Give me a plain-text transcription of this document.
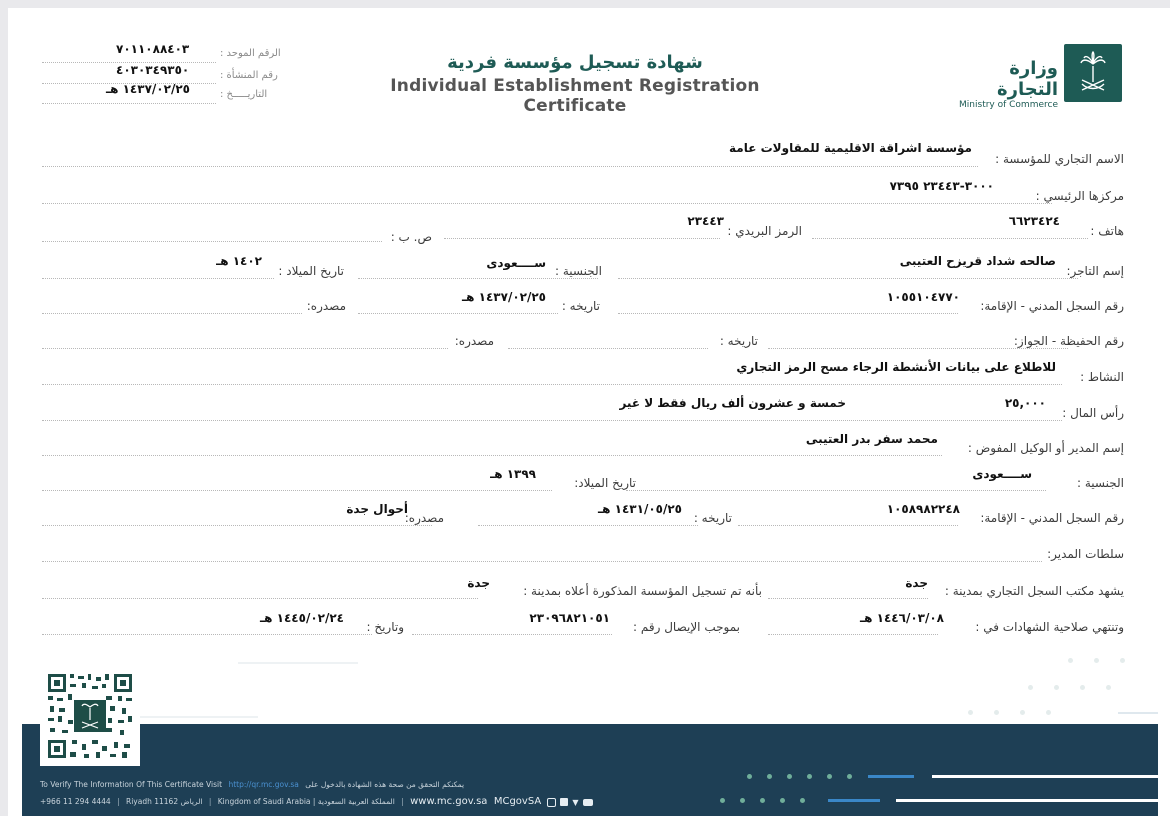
الرقم الموحد :
٧٠١١٠٨٨٤٠٣
رقم المنشأة :
٤٠٣٠٣٤٩٣٥٠
التاريـــــخ :
١٤٣٧/٠٢/٢٥ هـ
شهادة تسجيل مؤسسة فردية
Individual Establishment Registration Certificate
وزارة التجارة
Ministry of Commerce
الاسم التجاري للمؤسسة :
مؤسسة اشراقة الاقليمية للمقاولات عامة
مركزها الرئيسي :
٣٠٠٠-٢٣٤٤٣ ٧٣٩٥
هاتف :
٦٦٢٣٤٢٤
الرمز البريدي :
٢٣٤٤٣
ص. ب :
إسم التاجر:
صالحه شداد قريزح العتيبى
الجنسية :
ســــعودى
تاريخ الميلاد :
١٤٠٢ هـ
رقم السجل المدني - الإقامة:
١٠٥٥١٠٤٧٧٠
تاريخه :
١٤٣٧/٠٢/٢٥ هـ
مصدره:
رقم الحفيظة - الجواز:
تاريخه :
مصدره:
النشاط :
للاطلاع على بيانات الأنشطة الرجاء مسح الرمز التجاري
رأس المال :
٢٥,٠٠٠
خمسة و عشرون ألف ريال فقط لا غير
إسم المدير أو الوكيل المفوض :
محمد سفر بدر العتيبى
الجنسية :
ســــعودى
تاريخ الميلاد:
١٣٩٩ هـ
رقم السجل المدني - الإقامة:
١٠٥٨٩٨٢٢٤٨
تاريخه :
١٤٣١/٠٥/٢٥ هـ
مصدره:
أحوال جدة
سلطات المدير:
يشهد مكتب السجل التجاري بمدينة :
جدة
بأنه تم تسجيل المؤسسة المذكورة أعلاه بمدينة :
جدة
وتنتهي صلاحية الشهادات في :
١٤٤٦/٠٣/٠٨ هـ
بموجب الإيصال رقم :
٢٣٠٩٦٨٢١٠٥١
وتاريخ :
١٤٤٥/٠٢/٢٤ هـ
To Verify The Information Of This Certificate Visit http://qr.mc.gov.sa يمكنكم التحقق من صحة هذه الشهادة بالدخول على
+966 11 294 4444 | Riyadh 11162 الرياض | Kingdom of Saudi Arabia | المملكة العربية السعودية | www.mc.gov.sa MCgovSA	▼
